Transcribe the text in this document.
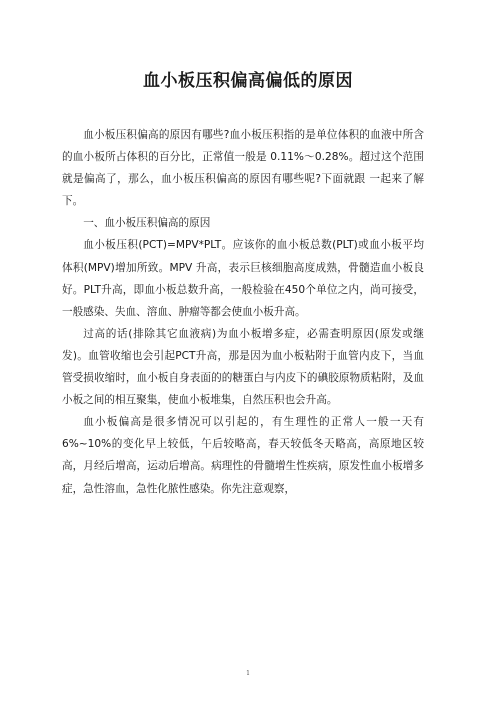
血小板压积偏高偏低的原因

血小板压积偏高的原因有哪些?血小板压积指的是单位体积的血液中所含的血小板所占体积的百分比，正常值一般是 0.11%～0.28%。超过这个范围就是偏高了，那么，血小板压积偏高的原因有哪些呢?下面就跟 一起来了解下。

一、血小板压积偏高的原因

血小板压积(PCT)=MPV*PLT。应该你的血小板总数(PLT)或血小板平均体积(MPV)增加所致。MPV 升高，表示巨核细胞高度成熟，骨髓造血小板良好。PLT升高，即血小板总数升高，一般检验在450个单位之内，尚可接受，一般感染、失血、溶血、肿瘤等都会使血小板升高。

过高的话(排除其它血液病)为血小板增多症，必需查明原因(原发或继发)。血管收缩也会引起PCT升高，那是因为血小板粘附于血管内皮下，当血管受损收缩时，血小板自身表面的的糖蛋白与内皮下的碘胶原物质粘附，及血小板之间的相互聚集，使血小板堆集，自然压积也会升高。

血小板偏高是很多情况可以引起的，有生理性的正常人一般一天有 6%~10%的变化早上较低，午后较略高，春天较低冬天略高，高原地区较高，月经后增高，运动后增高。病理性的骨髓增生性疾病，原发性血小板增多症，急性溶血，急性化脓性感染。你先注意观察，

1
